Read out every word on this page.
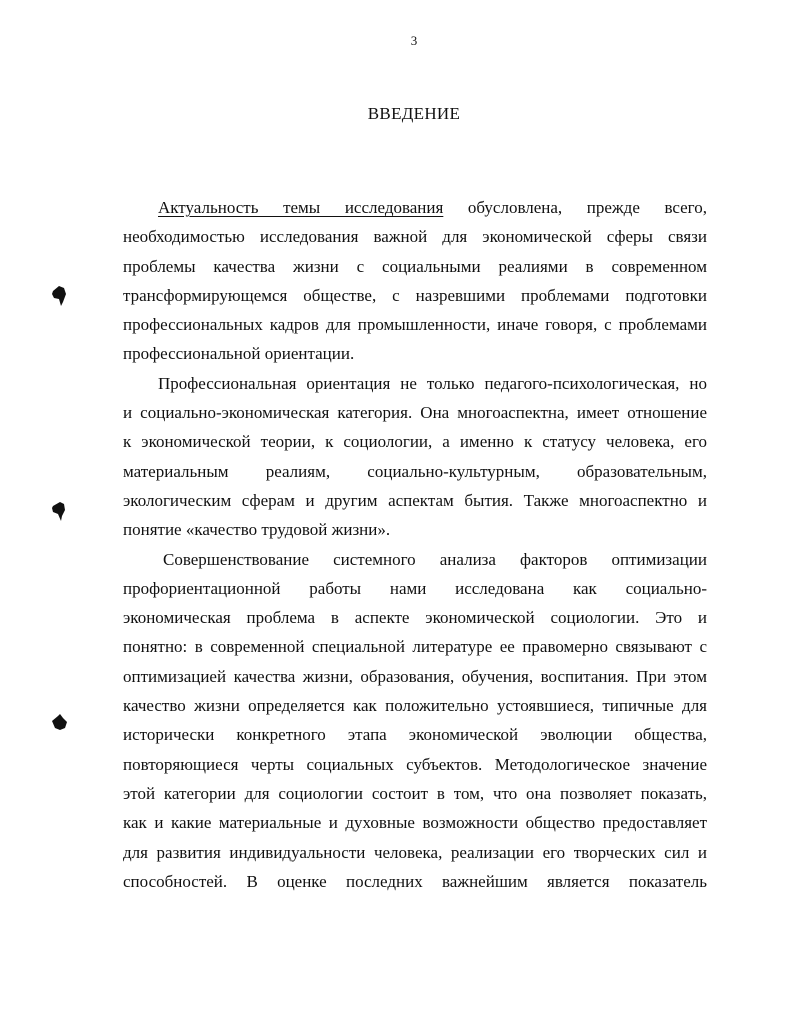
3
ВВЕДЕНИЕ
Актуальность темы исследования обусловлена, прежде всего,
необходимостью исследования важной для экономической сферы связи
проблемы качества жизни с социальными реалиями в современном
трансформирующемся обществе, с назревшими проблемами подготовки
профессиональных кадров для промышленности, иначе говоря, с проблемами
профессиональной ориентации.
Профессиональная ориентация не только педагого-психологическая, но
и социально-экономическая категория. Она многоаспектна, имеет отношение
к экономической теории, к социологии, а именно к статусу человека, его
материальным реалиям, социально-культурным, образовательным,
экологическим сферам и другим аспектам бытия. Также многоаспектно и
понятие «качество трудовой жизни».
Совершенствование системного анализа факторов оптимизации
профориентационной работы нами исследована как социально-
экономическая проблема в аспекте экономической социологии. Это и
понятно: в современной специальной литературе ее правомерно связывают с
оптимизацией качества жизни, образования, обучения, воспитания. При этом
качество жизни определяется как положительно устоявшиеся, типичные для
исторически конкретного этапа экономической эволюции общества,
повторяющиеся черты социальных субъектов. Методологическое значение
этой категории для социологии состоит в том, что она позволяет показать,
как и какие материальные и духовные возможности общество предоставляет
для развития индивидуальности человека, реализации его творческих сил и
способностей. В оценке последних важнейшим является показатель
